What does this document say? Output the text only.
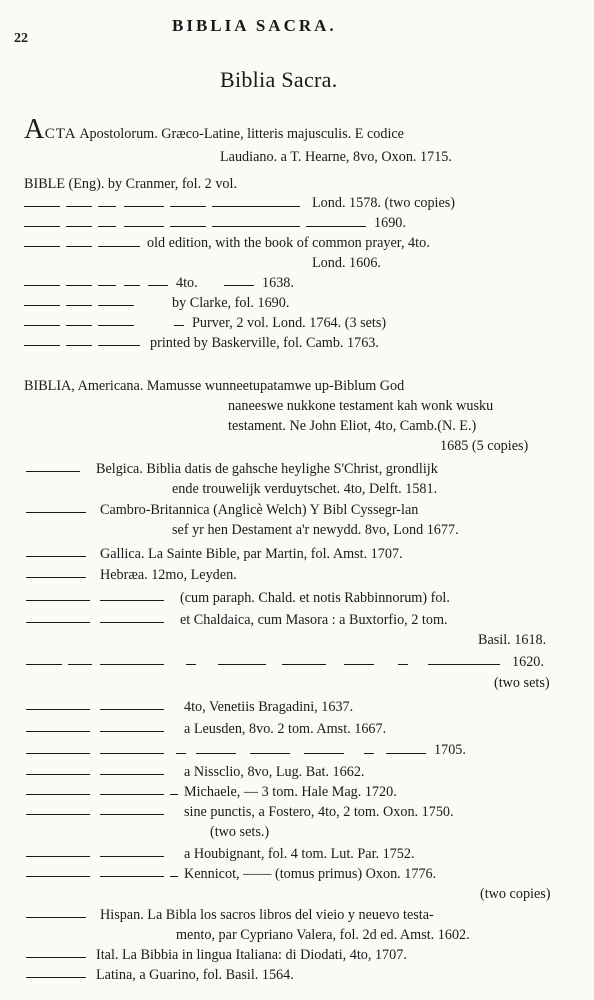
22
BIBLIA SACRA.
Biblia Sacra.
ACTA Apostolorum. Græco-Latine, litteris majusculis. E codice
Laudiano. a T. Hearne, 8vo, Oxon. 1715.
BIBLE (Eng). by Cranmer, fol. 2 vol.
Lond. 1578. (two copies)
1690.
old edition, with the book of common prayer, 4to.
Lond. 1606.
4to.	1638.
by Clarke, fol. 1690.
Purver, 2 vol. Lond. 1764. (3 sets)
printed by Baskerville, fol. Camb. 1763.
BIBLIA, Americana. Mamusse wunneetupatamwe up-Biblum God
naneeswe nukkone testament kah wonk wusku
testament. Ne John Eliot, 4to, Camb.(N. E.)
1685 (5 copies)
Belgica. Biblia datis de gahsche heylighe S'Christ, grondlijk
ende trouwelijk verduytschet. 4to, Delft. 1581.
Cambro-Britannica (Anglicè Welch) Y Bibl Cyssegr-lan
sef yr hen Destament a'r newydd. 8vo, Lond 1677.
Gallica. La Sainte Bible, par Martin, fol. Amst. 1707.
Hebræa. 12mo, Leyden.
(cum paraph. Chald. et notis Rabbinnorum) fol.
et Chaldaica, cum Masora : a Buxtorfio, 2 tom.
Basil. 1618.
1620.
(two sets)
4to, Venetiis Bragadini, 1637.
a Leusden, 8vo. 2 tom. Amst. 1667.
1705.
a Nissclio, 8vo, Lug. Bat. 1662.
Michaele, — 3 tom. Hale Mag. 1720.
sine punctis, a Fostero, 4to, 2 tom. Oxon. 1750.
(two sets.)
a Houbignant, fol. 4 tom. Lut. Par. 1752.
Kennicot, —— (tomus primus) Oxon. 1776.
(two copies)
Hispan. La Bibla los sacros libros del vieio y neuevo testa-
mento, par Cypriano Valera, fol. 2d ed. Amst. 1602.
Ital. La Bibbia in lingua Italiana: di Diodati, 4to, 1707.
Latina, a Guarino, fol. Basil. 1564.
